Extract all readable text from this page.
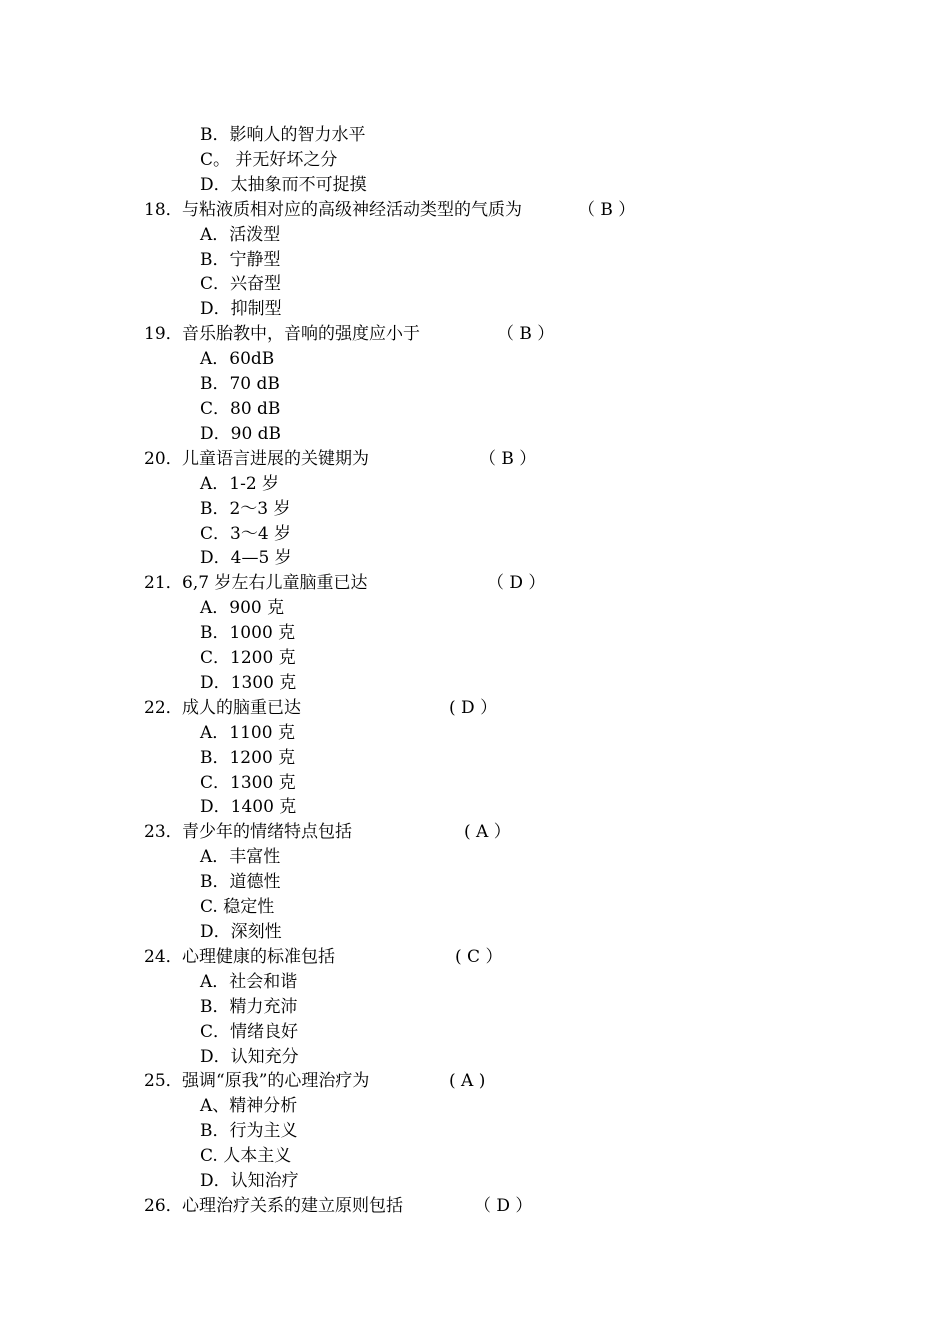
B．影响人的智力水平
C。 并无好坏之分
D．太抽象而不可捉摸
18． 与粘液质相对应的高级神经活动类型的气质为	（ B ）
A．活泼型
B．宁静型
C．兴奋型
D．抑制型
19． 音乐胎教中，音响的强度应小于	（ B ）
A．60dB
B．70 dB
C．80 dB
D．90 dB
20． 儿童语言进展的关键期为	（ B ）
A．1-2 岁
B．2～3 岁
C．3～4 岁
D．4—5 岁
21． 6,7 岁左右儿童脑重已达	（ D ）
A．900 克
B．1000 克
C．1200 克
D．1300 克
22． 成人的脑重已达	( D ）
A．1100 克
B．1200 克
C．1300 克
D．1400 克
23． 青少年的情绪特点包括	( A ）
A．丰富性
B．道德性
C. 稳定性
D．深刻性
24． 心理健康的标准包括	( C ）
A．社会和谐
B．精力充沛
C．情绪良好
D．认知充分
25． 强调“原我”的心理治疗为	( A )
A、精神分析
B．行为主义
C. 人本主义
D．认知治疗
26． 心理治疗关系的建立原则包括	（ D ）
